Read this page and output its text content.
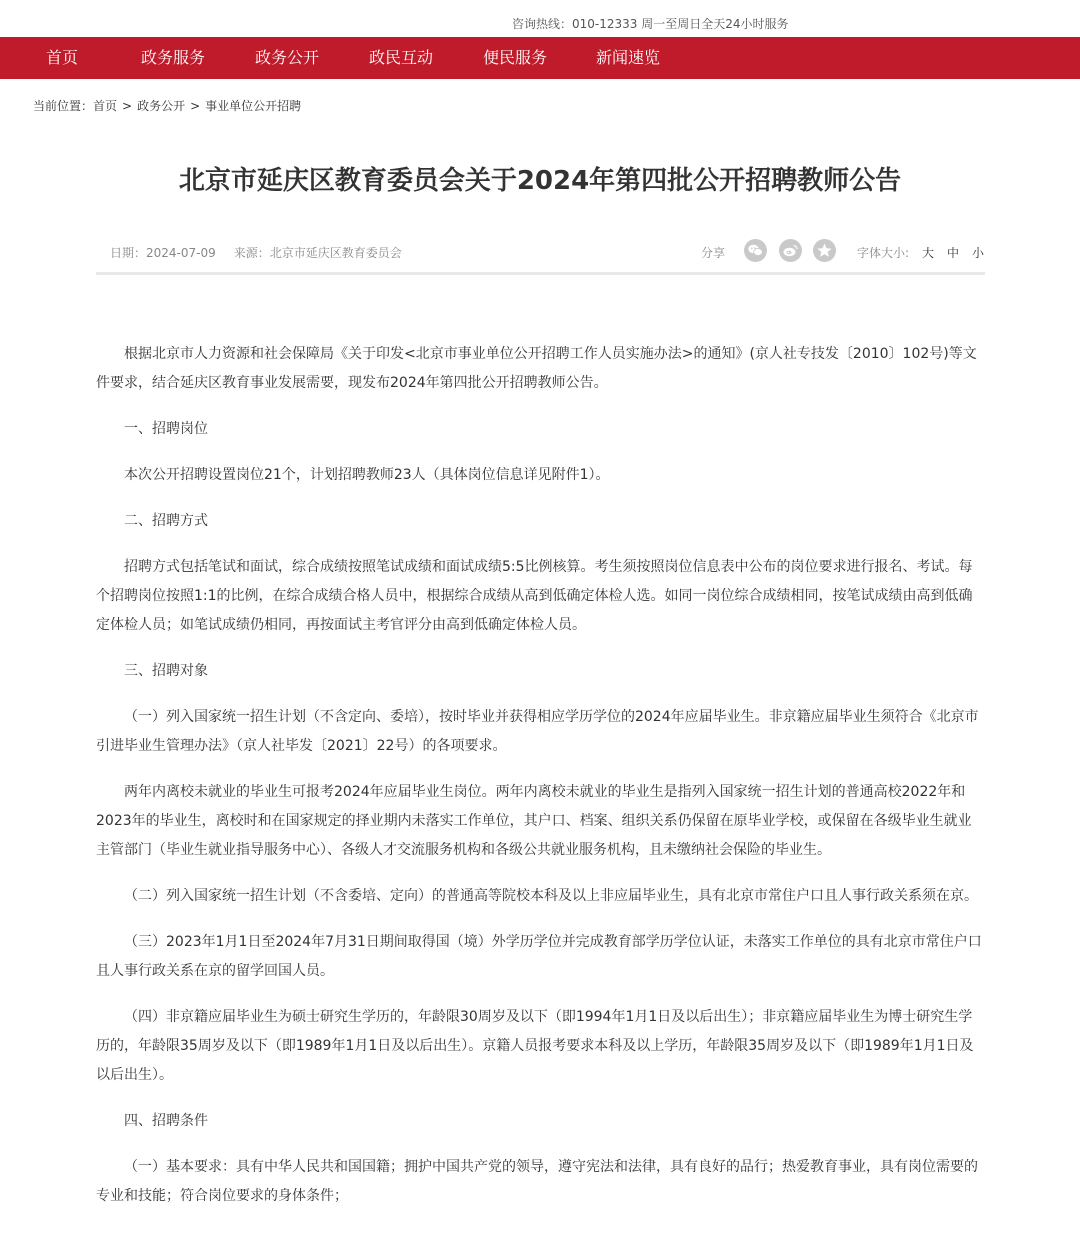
咨询热线：010-12333 周一至周日全天24小时服务
首页	政务服务	政务公开	政民互动	便民服务	新闻速览
当前位置：首页 > 政务公开 > 事业单位公开招聘
北京市延庆区教育委员会关于2024年第四批公开招聘教师公告
日期：2024-07-09 来源：北京市延庆区教育委员会	分享	字体大小: 大 中 小

根据北京市人力资源和社会保障局《关于印发<北京市事业单位公开招聘工作人员实施办法>的通知》(京人社专技发〔2010〕102号)等文件要求，结合延庆区教育事业发展需要，现发布2024年第四批公开招聘教师公告。

一、招聘岗位

本次公开招聘设置岗位21个，计划招聘教师23人（具体岗位信息详见附件1）。

二、招聘方式

招聘方式包括笔试和面试，综合成绩按照笔试成绩和面试成绩5:5比例核算。考生须按照岗位信息表中公布的岗位要求进行报名、考试。每个招聘岗位按照1:1的比例，在综合成绩合格人员中，根据综合成绩从高到低确定体检人选。如同一岗位综合成绩相同，按笔试成绩由高到低确定体检人员；如笔试成绩仍相同，再按面试主考官评分由高到低确定体检人员。

三、招聘对象

（一）列入国家统一招生计划（不含定向、委培），按时毕业并获得相应学历学位的2024年应届毕业生。非京籍应届毕业生须符合《北京市引进毕业生管理办法》（京人社毕发〔2021〕22号）的各项要求。

两年内离校未就业的毕业生可报考2024年应届毕业生岗位。两年内离校未就业的毕业生是指列入国家统一招生计划的普通高校2022年和2023年的毕业生，离校时和在国家规定的择业期内未落实工作单位，其户口、档案、组织关系仍保留在原毕业学校，或保留在各级毕业生就业主管部门（毕业生就业指导服务中心）、各级人才交流服务机构和各级公共就业服务机构，且未缴纳社会保险的毕业生。

（二）列入国家统一招生计划（不含委培、定向）的普通高等院校本科及以上非应届毕业生，具有北京市常住户口且人事行政关系须在京。

（三）2023年1月1日至2024年7月31日期间取得国（境）外学历学位并完成教育部学历学位认证，未落实工作单位的具有北京市常住户口且人事行政关系在京的留学回国人员。

（四）非京籍应届毕业生为硕士研究生学历的，年龄限30周岁及以下（即1994年1月1日及以后出生）；非京籍应届毕业生为博士研究生学历的，年龄限35周岁及以下（即1989年1月1日及以后出生）。京籍人员报考要求本科及以上学历，年龄限35周岁及以下（即1989年1月1日及以后出生）。

四、招聘条件

（一）基本要求：具有中华人民共和国国籍；拥护中国共产党的领导，遵守宪法和法律，具有良好的品行；热爱教育事业，具有岗位需要的专业和技能；符合岗位要求的身体条件；
